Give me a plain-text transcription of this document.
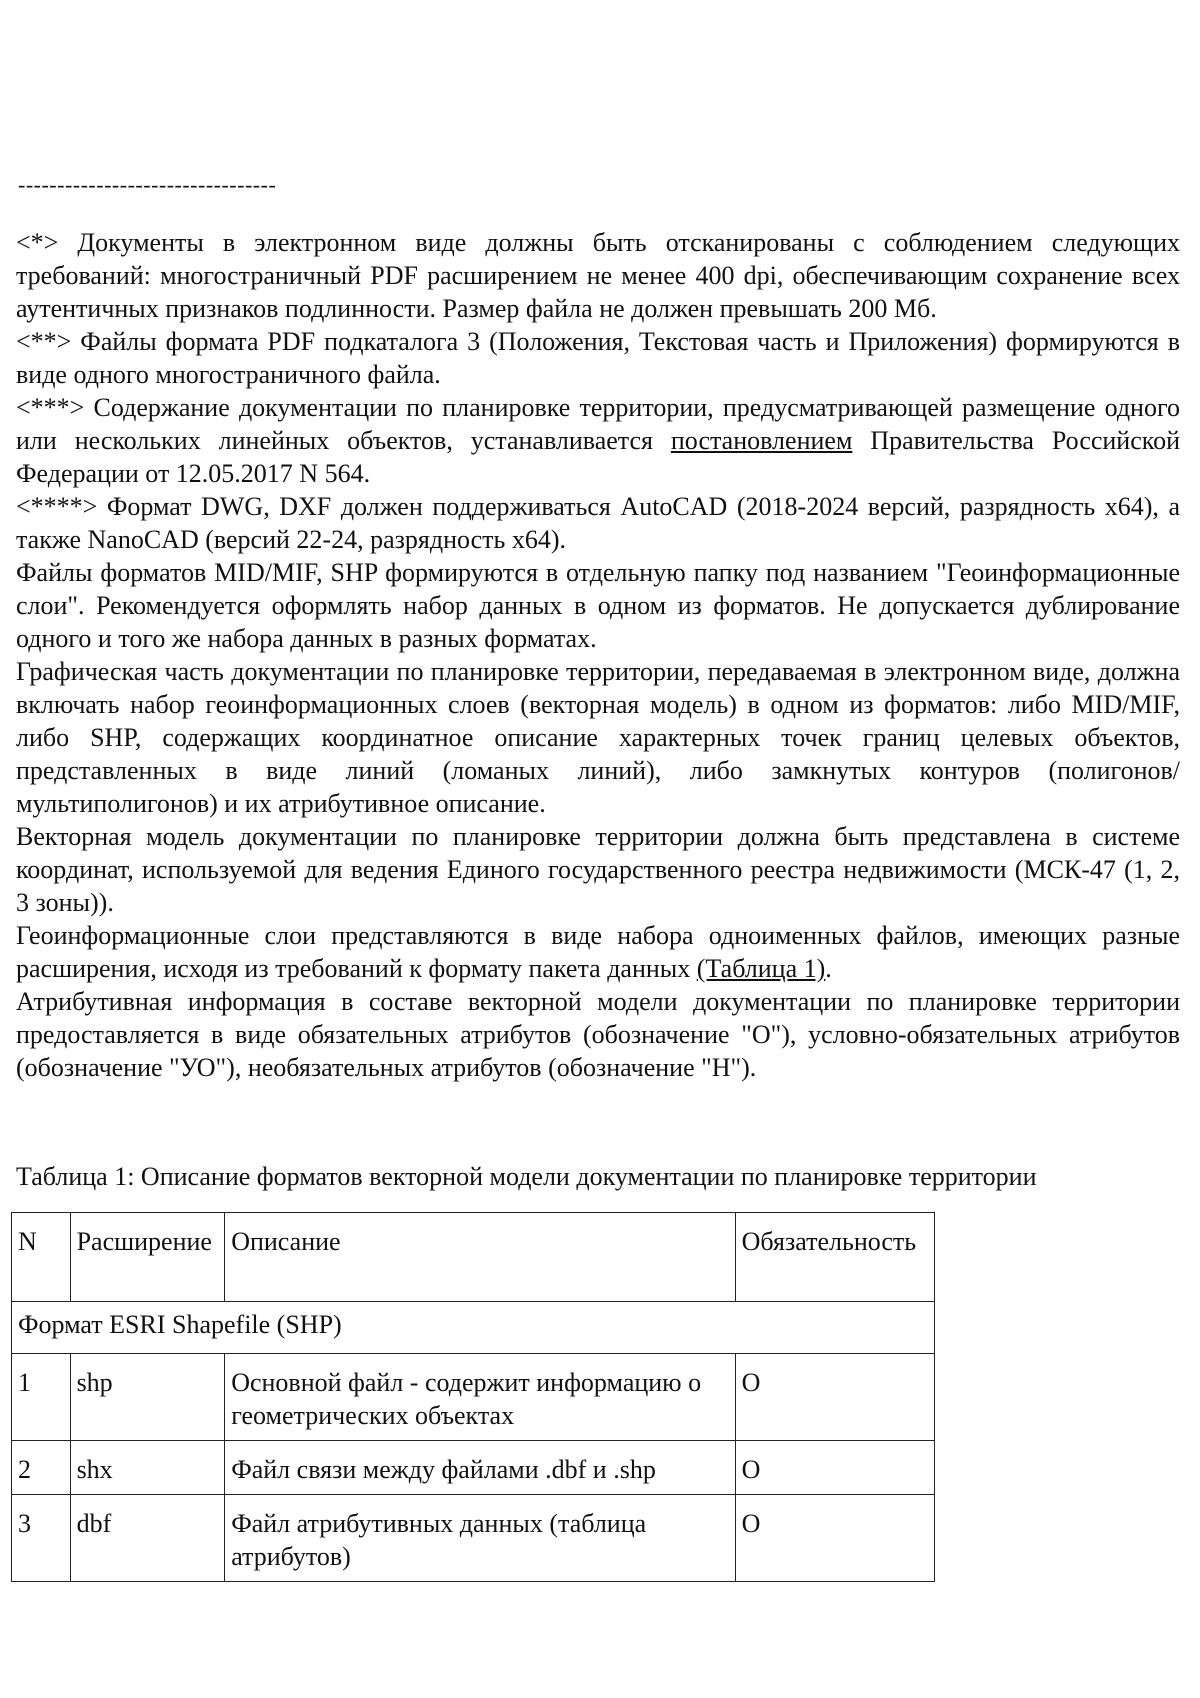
---------------------------------

<*> Документы в электронном виде должны быть отсканированы с соблюдением следующих требований: многостраничный PDF расширением не менее 400 dpi, обеспечивающим сохранение всех аутентичных признаков подлинности. Размер файла не должен превышать 200 Мб.

<**> Файлы формата PDF подкаталога 3 (Положения, Текстовая часть и Приложения) формируются в виде одного многостраничного файла.

<***> Содержание документации по планировке территории, предусматривающей размещение одного или нескольких линейных объектов, устанавливается постановлением Правительства Российской Федерации от 12.05.2017 N 564.

<****> Формат DWG, DXF должен поддерживаться AutoCAD (2018-2024 версий, разрядность x64), а также NanoCAD (версий 22-24, разрядность x64).

Файлы форматов MID/MIF, SHP формируются в отдельную папку под названием "Геоинформационные слои". Рекомендуется оформлять набор данных в одном из форматов. Не допускается дублирование одного и того же набора данных в разных форматах.

Графическая часть документации по планировке территории, передаваемая в электронном виде, должна включать набор геоинформационных слоев (векторная модель) в одном из форматов: либо MID/MIF, либо SHP, содержащих координатное описание характерных точек границ целевых объектов, представленных в виде линий (ломаных линий), либо замкнутых контуров (полигонов/мультиполигонов) и их атрибутивное описание.

Векторная модель документации по планировке территории должна быть представлена в системе координат, используемой для ведения Единого государственного реестра недвижимости (МСК-47 (1, 2, 3 зоны)).

Геоинформационные слои представляются в виде набора одноименных файлов, имеющих разные расширения, исходя из требований к формату пакета данных (Таблица 1).

Атрибутивная информация в составе векторной модели документации по планировке территории предоставляется в виде обязательных атрибутов (обозначение "О"), условно-обязательных атрибутов (обозначение "УО"), необязательных атрибутов (обозначение "Н").

Таблица 1: Описание форматов векторной модели документации по планировке территории
N	Расширение	Описание	Обязательность
Формат ESRI Shapefile (SHP)			
1	shp	Основной файл - содержит информацию о геометрических объектах	О
2	shx	Файл связи между файлами .dbf и .shp	О
3	dbf	Файл атрибутивных данных (таблица атрибутов)	О
